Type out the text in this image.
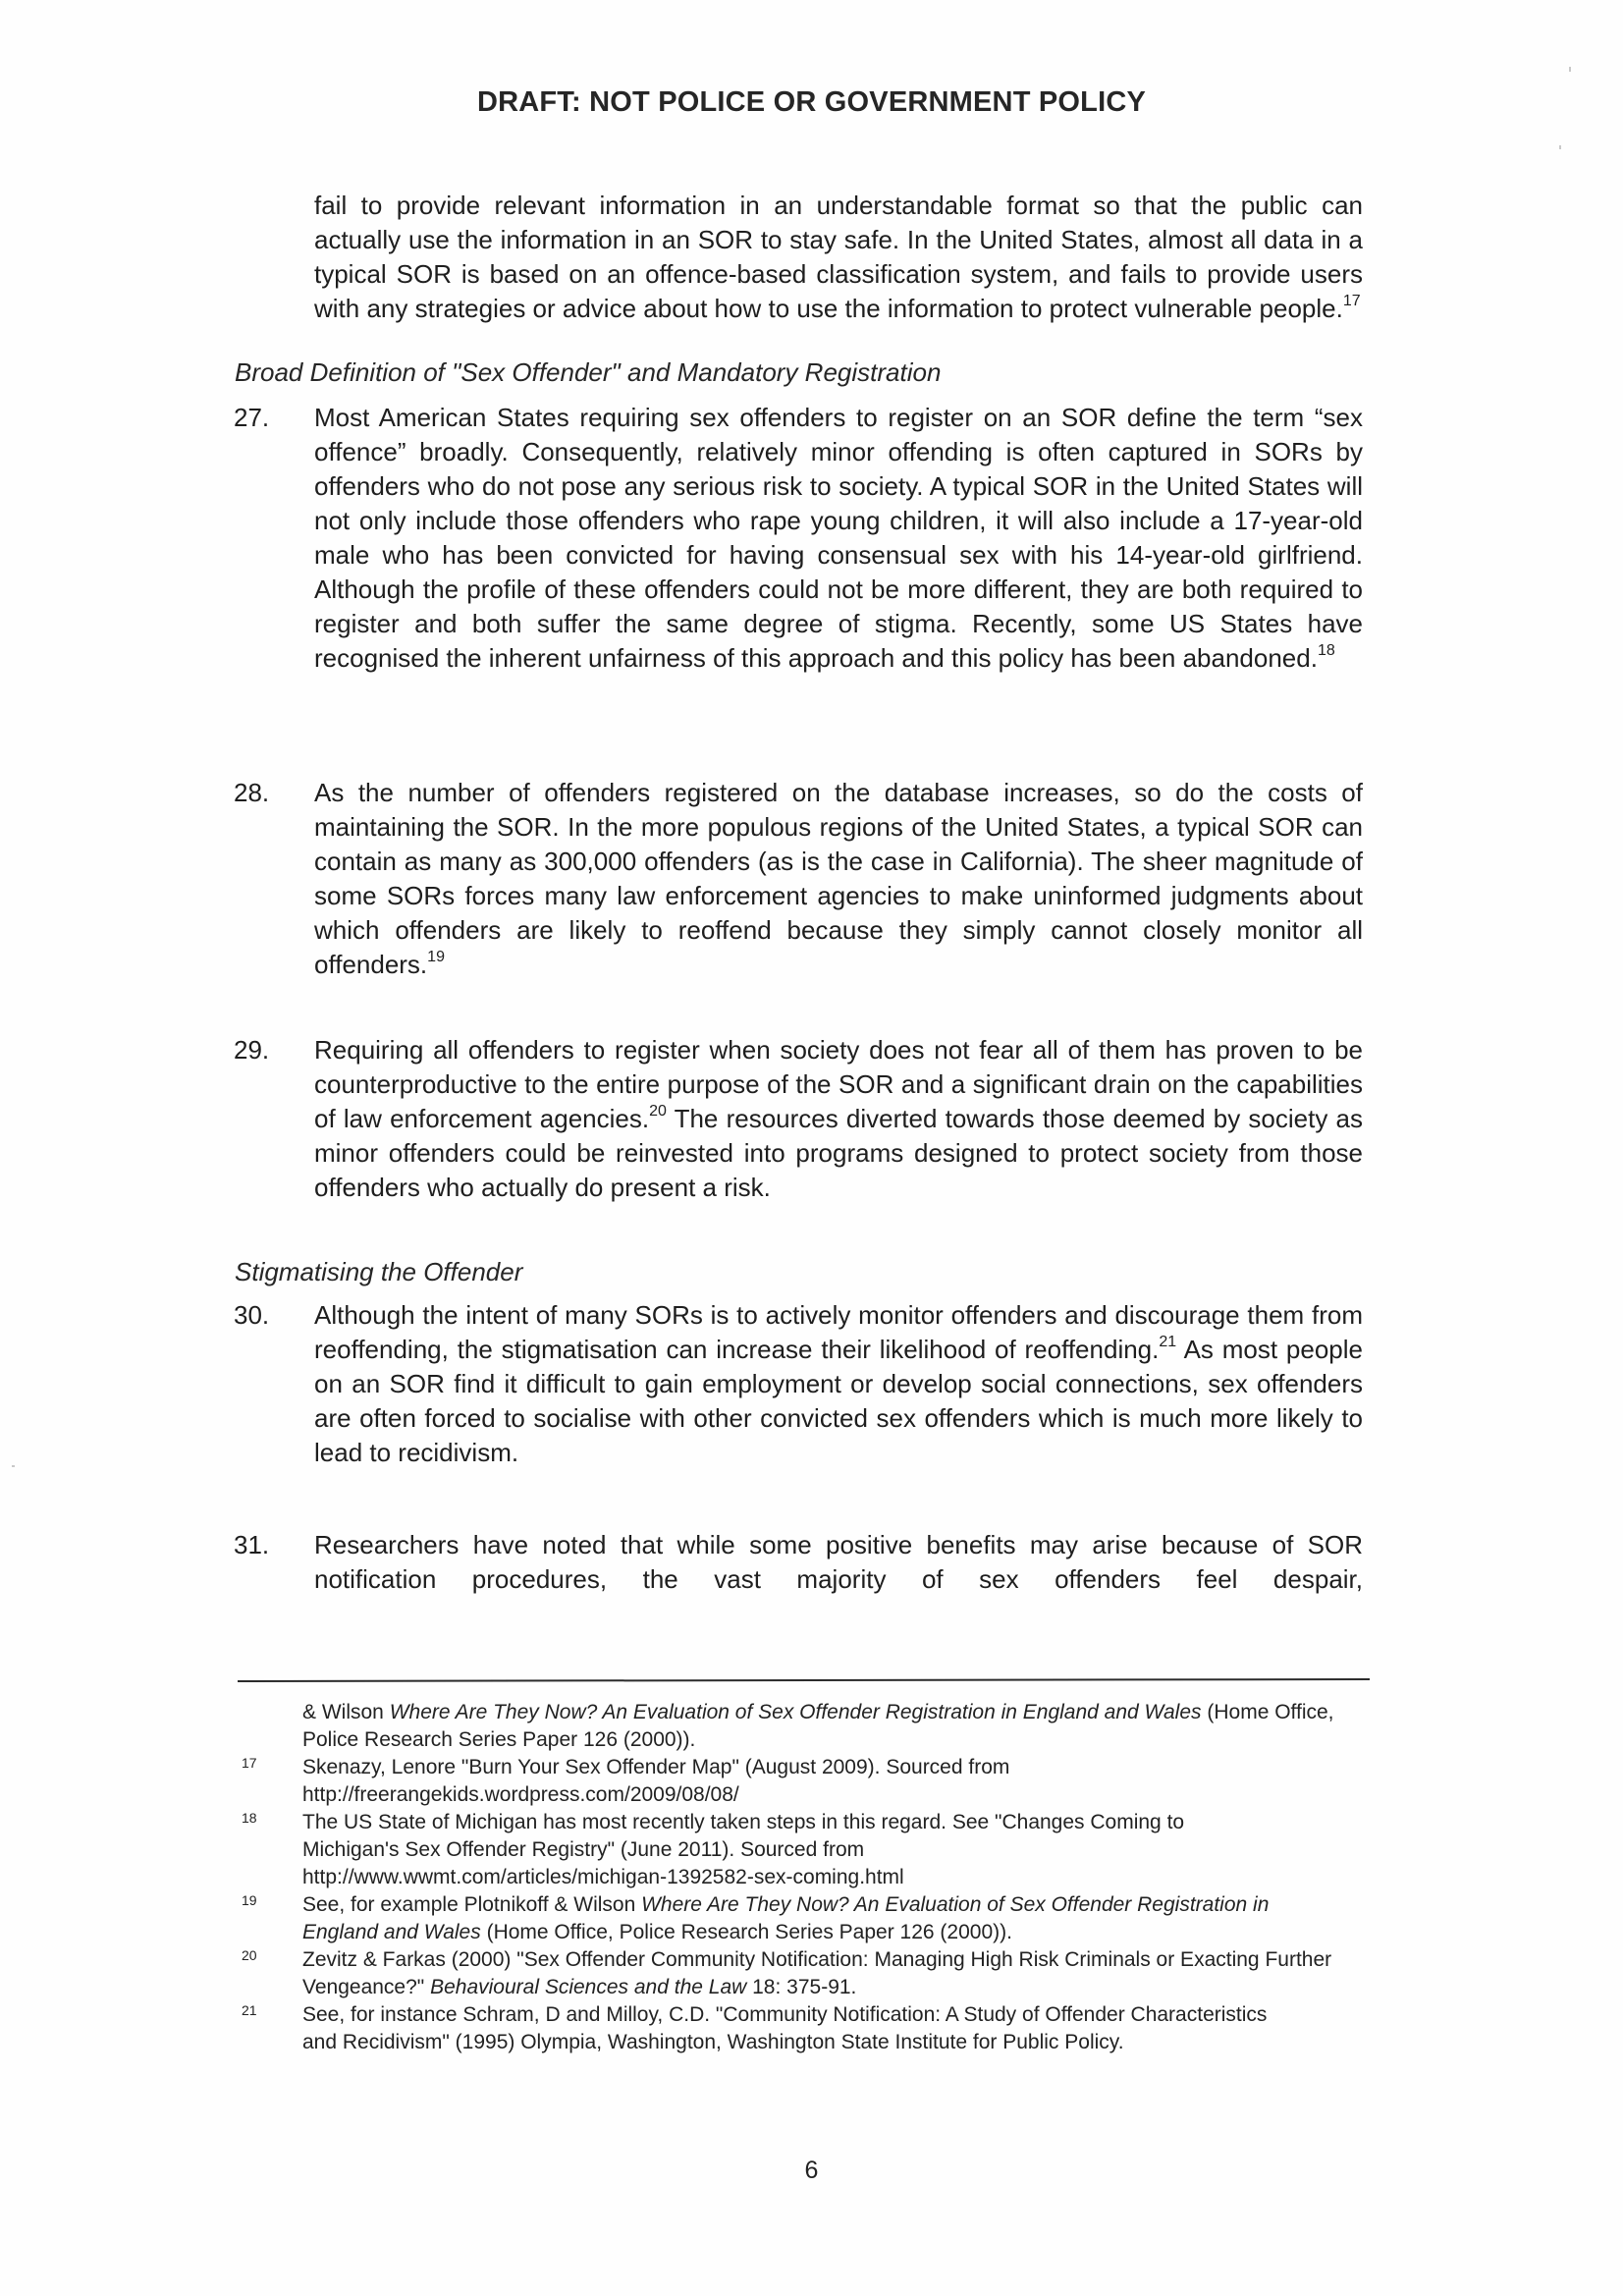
DRAFT: NOT POLICE OR GOVERNMENT POLICY

fail to provide relevant information in an understandable format so that the public can actually use the information in an SOR to stay safe. In the United States, almost all data in a typical SOR is based on an offence-based classification system, and fails to provide users with any strategies or advice about how to use the information to protect vulnerable people.$^{17}$

Broad Definition of "Sex Offender" and Mandatory Registration
27.	Most American States requiring sex offenders to register on an SOR define the term “sex offence” broadly. Consequently, relatively minor offending is often captured in SORs by offenders who do not pose any serious risk to society. A typical SOR in the United States will not only include those offenders who rape young children, it will also include a 17-year-old male who has been convicted for having consensual sex with his 14-year-old girlfriend. Although the profile of these offenders could not be more different, they are both required to register and both suffer the same degree of stigma. Recently, some US States have recognised the inherent unfairness of this approach and this policy has been abandoned.$^{18}$

28.	As the number of offenders registered on the database increases, so do the costs of maintaining the SOR. In the more populous regions of the United States, a typical SOR can contain as many as 300,000 offenders (as is the case in California). The sheer magnitude of some SORs forces many law enforcement agencies to make uninformed judgments about which offenders are likely to reoffend because they simply cannot closely monitor all offenders.$^{19}$

29.	Requiring all offenders to register when society does not fear all of them has proven to be counterproductive to the entire purpose of the SOR and a significant drain on the capabilities of law enforcement agencies.$^{20}$ The resources diverted towards those deemed by society as minor offenders could be reinvested into programs designed to protect society from those offenders who actually do present a risk.

Stigmatising the Offender
30.	Although the intent of many SORs is to actively monitor offenders and discourage them from reoffending, the stigmatisation can increase their likelihood of reoffending.$^{21}$ As most people on an SOR find it difficult to gain employment or develop social connections, sex offenders are often forced to socialise with other convicted sex offenders which is much more likely to lead to recidivism.

31.	Researchers have noted that while some positive benefits may arise because of SOR notification procedures, the vast majority of sex offenders feel despair,

& Wilson Where Are They Now? An Evaluation of Sex Offender Registration in England and Wales (Home Office, Police Research Series Paper 126 (2000)).
17 Skenazy, Lenore "Burn Your Sex Offender Map" (August 2009). Sourced from
http://freerangekids.wordpress.com/2009/08/08/
18 The US State of Michigan has most recently taken steps in this regard. See "Changes Coming to Michigan's Sex Offender Registry" (June 2011). Sourced from
http://www.wwmt.com/articles/michigan-1392582-sex-coming.html
19 See, for example Plotnikoff & Wilson Where Are They Now? An Evaluation of Sex Offender Registration in England and Wales (Home Office, Police Research Series Paper 126 (2000)).
20 Zevitz & Farkas (2000) "Sex Offender Community Notification: Managing High Risk Criminals or Exacting Further Vengeance?" Behavioural Sciences and the Law 18: 375-91.
21 See, for instance Schram, D and Milloy, C.D. "Community Notification: A Study of Offender Characteristics and Recidivism" (1995) Olympia, Washington, Washington State Institute for Public Policy.
6
